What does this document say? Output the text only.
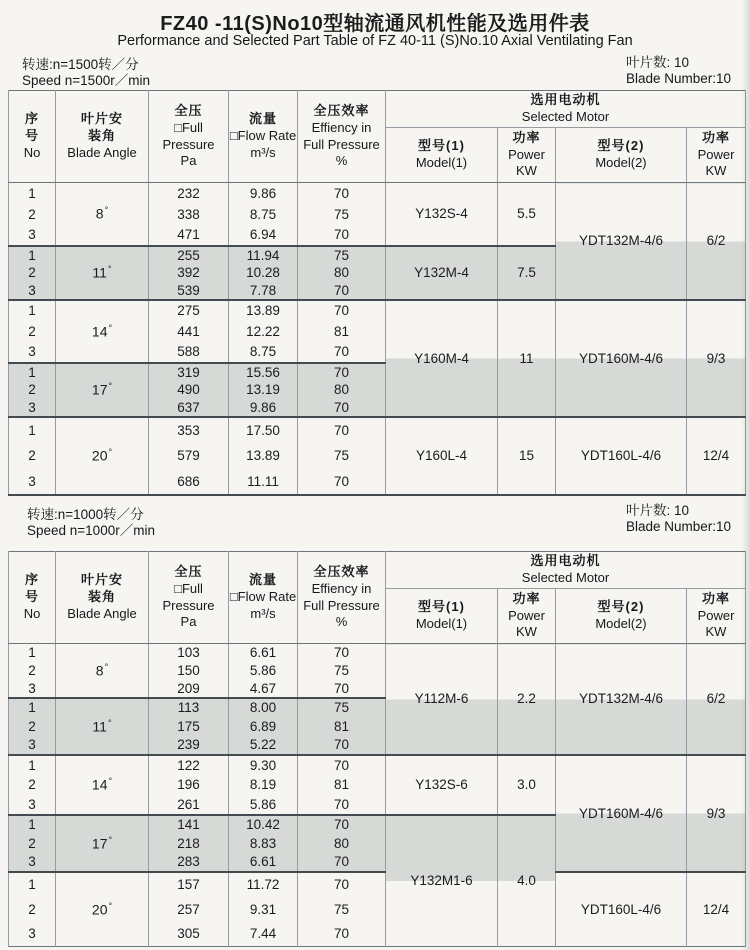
FZ40 -11(S)No10型轴流通风机性能及选用件表
Performance and Selected Part Table of FZ 40-11 (S)No.10 Axial Ventilating Fan
转速:n=1500转／分
Speed n=1500r／min
叶片数: 10
Blade Number:10
序
号
No

叶片安
装角
Blade Angle

全压
□Full
Pressure
Pa

流量
□Flow Rate
m³/s

全压效率
Effiency in
Full Pressure
%

选用电动机
Selected Motor

型号(1)
Model(1)

功率
Power
KW

型号(2)
Model(2)

功率
Power
KW

1	8°	232	9.86	70	Y132S-4	5.5	YDT132M-4/6	6/2
2		338	8.75	75				
3		471	6.94	70				
1	11°	255	11.94	75	Y132M-4	7.5		
2		392	10.28	80				
3		539	7.78	70				
1	14°	275	13.89	70	Y160M-4	11	YDT160M-4/6	9/3
2		441	12.22	81				
3		588	8.75	70				
1	17°	319	15.56	70				
2		490	13.19	80				
3		637	9.86	70				
1	20°	353	17.50	70	Y160L-4	15	YDT160L-4/6	12/4
2		579	13.89	75				
3		686	11.11	70				
转速:n=1000转／分
Speed n=1000r／min
叶片数: 10
Blade Number:10
序
号
No

叶片安
装角
Blade Angle

全压
□Full
Pressure
Pa

流量
□Flow Rate
m³/s

全压效率
Effiency in
Full Pressure
%

选用电动机
Selected Motor

型号(1)
Model(1)

功率
Power
KW

型号(2)
Model(2)

功率
Power
KW

1	8°	103	6.61	70	Y112M-6	2.2	YDT132M-4/6	6/2
2		150	5.86	75				
3		209	4.67	70				
1	11°	113	8.00	75				
2		175	6.89	81				
3		239	5.22	70				
1	14°	122	9.30	70	Y132S-6	3.0	YDT160M-4/6	9/3
2		196	8.19	81				
3		261	5.86	70				
1	17°	141	10.42	70	Y132M1-6	4.0		
2		218	8.83	80				
3		283	6.61	70				
1	20°	157	11.72	70			YDT160L-4/6	12/4
2		257	9.31	75				
3		305	7.44	70				
